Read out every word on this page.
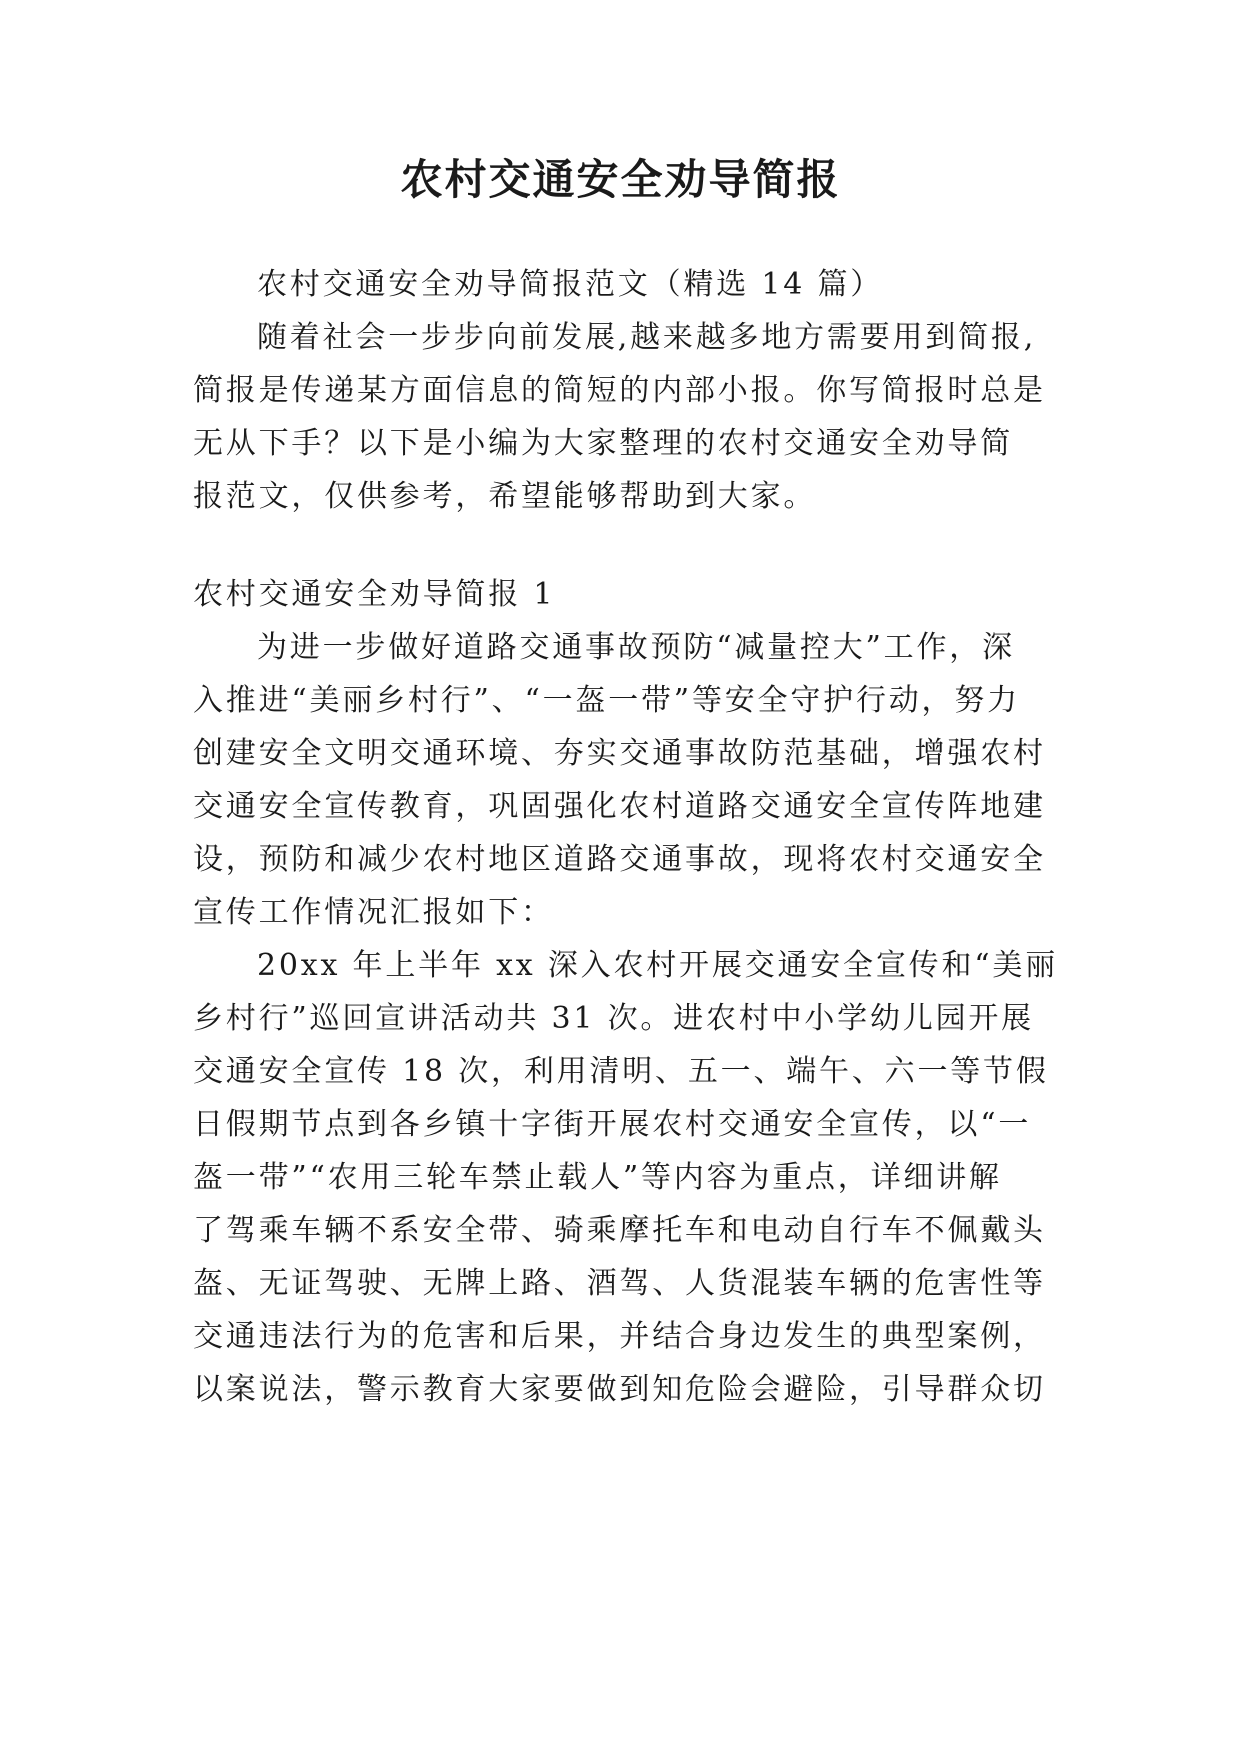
农村交通安全劝导简报
农村交通安全劝导简报范文（精选 14 篇）
随着社会一步步向前发展,越来越多地方需要用到简报,
简报是传递某方面信息的简短的内部小报。你写简报时总是
无从下手？以下是小编为大家整理的农村交通安全劝导简
报范文，仅供参考，希望能够帮助到大家。
农村交通安全劝导简报 1
为进一步做好道路交通事故预防“减量控大”工作，深
入推进“美丽乡村行”、“一盔一带”等安全守护行动，努力
创建安全文明交通环境、夯实交通事故防范基础，增强农村
交通安全宣传教育，巩固强化农村道路交通安全宣传阵地建
设，预防和减少农村地区道路交通事故，现将农村交通安全
宣传工作情况汇报如下：
20xx 年上半年 xx 深入农村开展交通安全宣传和“美丽
乡村行”巡回宣讲活动共 31 次。进农村中小学幼儿园开展
交通安全宣传 18 次，利用清明、五一、端午、六一等节假
日假期节点到各乡镇十字街开展农村交通安全宣传，以“一
盔一带”“农用三轮车禁止载人”等内容为重点，详细讲解
了驾乘车辆不系安全带、骑乘摩托车和电动自行车不佩戴头
盔、无证驾驶、无牌上路、酒驾、人货混装车辆的危害性等
交通违法行为的危害和后果，并结合身边发生的典型案例，
以案说法，警示教育大家要做到知危险会避险，引导群众切
